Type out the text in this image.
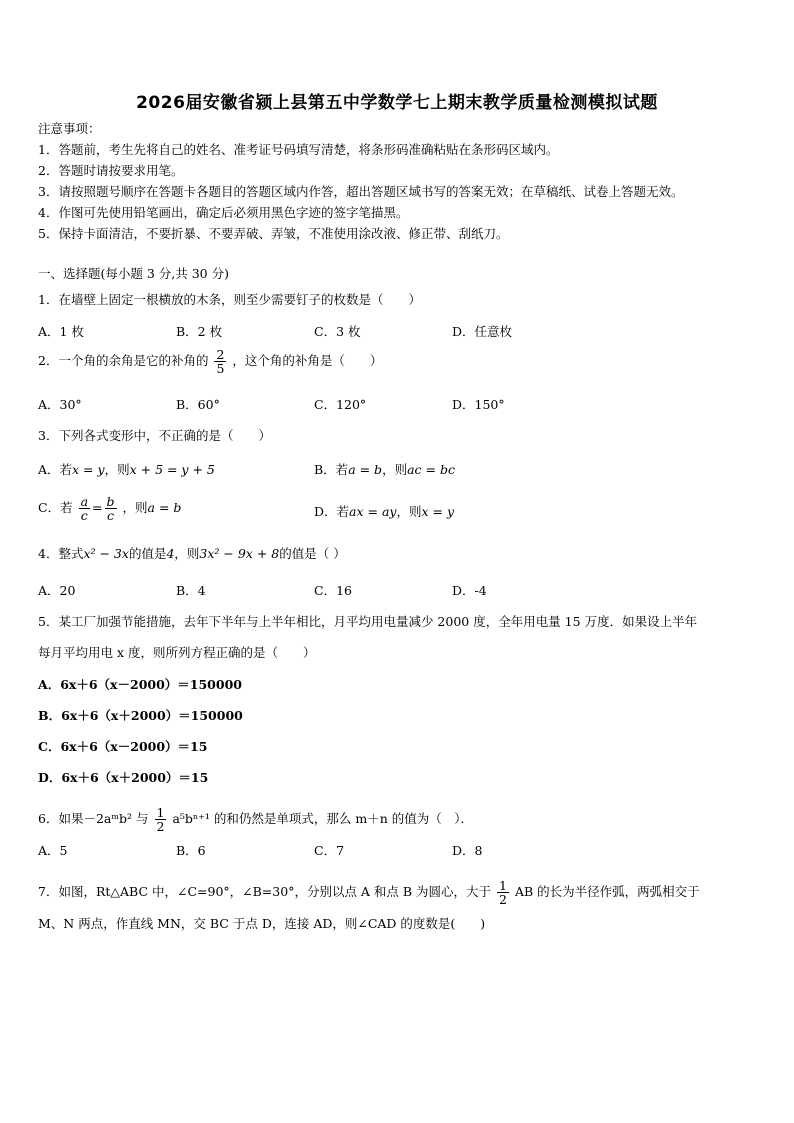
2026届安徽省颍上县第五中学数学七上期末教学质量检测模拟试题
注意事项：
1．答题前，考生先将自己的姓名、准考证号码填写清楚，将条形码准确粘贴在条形码区域内。
2．答题时请按要求用笔。
3．请按照题号顺序在答题卡各题目的答题区域内作答，超出答题区域书写的答案无效；在草稿纸、试卷上答题无效。
4．作图可先使用铅笔画出，确定后必须用黑色字迹的签字笔描黑。
5．保持卡面清洁，不要折暴、不要弄破、弄皱，不准使用涂改液、修正带、刮纸刀。
一、选择题(每小题 3 分,共 30 分)
1．在墙壁上固定一根横放的木条，则至少需要钉子的枚数是（　　）
A．1 枚	B．2 枚	C．3 枚	D．任意枚
2．一个角的余角是它的补角的 $\frac{2}{5}$ ，这个角的补角是（　　）
A．30°	B．60°	C．120°	D．150°
3．下列各式变形中，不正确的是（　　）
A．若x = y，则x + 5 = y + 5	B．若a = b，则ac = bc
C．若 $\frac{a}{c} = \frac{b}{c}$ ，则a = b	D．若ax = ay，则x = y
4．整式x² − 3x的值是4，则3x² − 9x + 8的值是（ ）
A．20	B．4	C．16	D．-4
5．某工厂加强节能措施，去年下半年与上半年相比，月平均用电量减少 2000 度，全年用电量 15 万度．如果设上半年
每月平均用电 x 度，则所列方程正确的是（　　）
A．6x＋6（x－2000）＝150000
B．6x＋6（x＋2000）＝150000
C．6x＋6（x－2000）＝15
D．6x＋6（x＋2000）＝15
6．如果－2aᵐb² 与 $\frac{1}{2} a^5b^{n+1}$ 的和仍然是单项式，那么 m＋n 的值为（　）．
A．5	B．6	C．7	D．8
7．如图，Rt△ABC 中，∠C=90°，∠B=30°，分别以点 A 和点 B 为圆心，大于 $\frac{1}{2}$ AB 的长为半径作弧，两弧相交于
M、N 两点，作直线 MN，交 BC 于点 D，连接 AD，则∠CAD 的度数是(　　)
